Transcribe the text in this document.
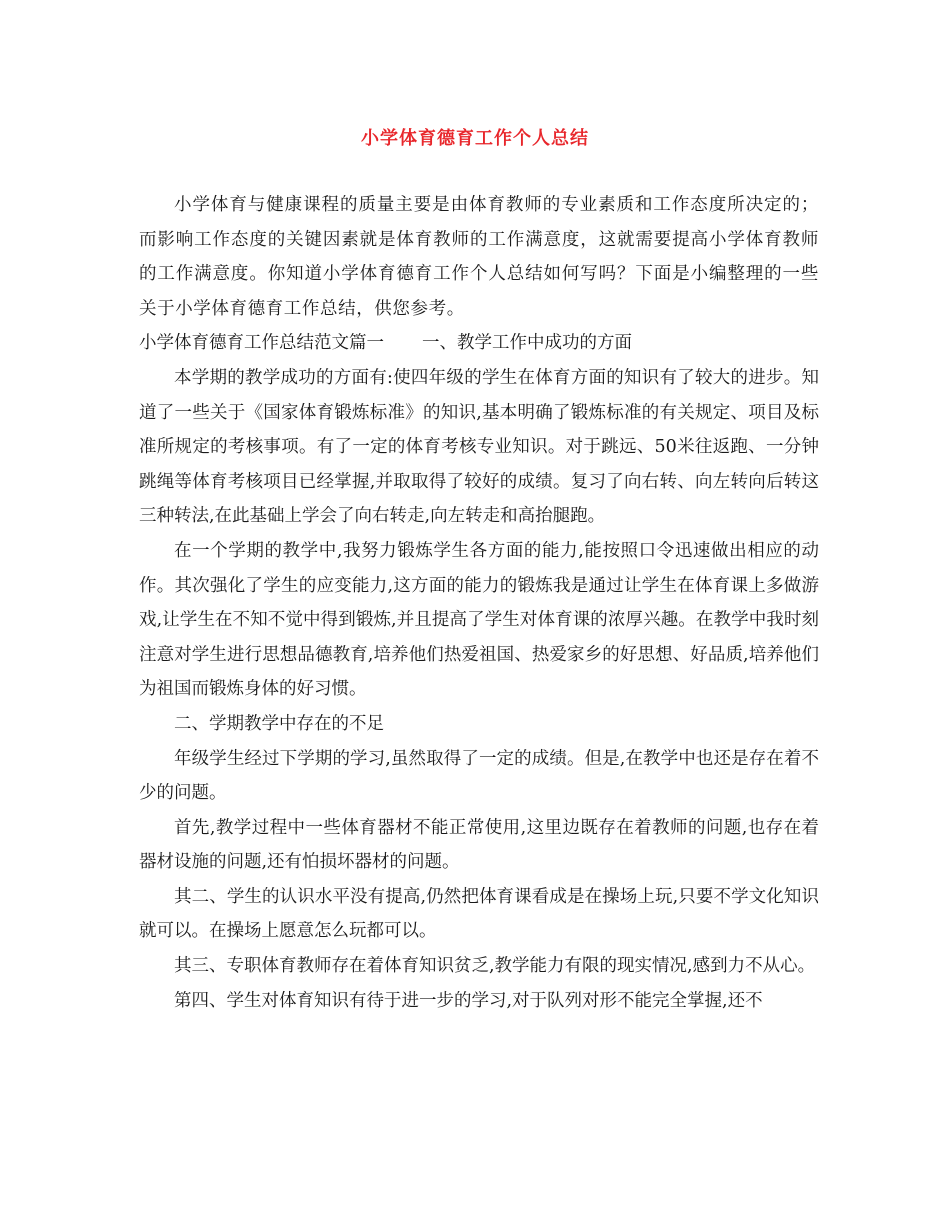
小学体育德育工作个人总结

小学体育与健康课程的质量主要是由体育教师的专业素质和工作态度所决定的；而影响工作态度的关键因素就是体育教师的工作满意度，这就需要提高小学体育教师的工作满意度。你知道小学体育德育工作个人总结如何写吗？下面是小编整理的一些关于小学体育德育工作总结，供您参考。

小学体育德育工作总结范文篇一 一、教学工作中成功的方面

本学期的教学成功的方面有:使四年级的学生在体育方面的知识有了较大的进步。知道了一些关于《国家体育锻炼标准》的知识,基本明确了锻炼标准的有关规定、项目及标准所规定的考核事项。有了一定的体育考核专业知识。对于跳远、50米往返跑、一分钟跳绳等体育考核项目已经掌握,并取取得了较好的成绩。复习了向右转、向左转向后转这三种转法,在此基础上学会了向右转走,向左转走和高抬腿跑。

在一个学期的教学中,我努力锻炼学生各方面的能力,能按照口令迅速做出相应的动作。其次强化了学生的应变能力,这方面的能力的锻炼我是通过让学生在体育课上多做游戏,让学生在不知不觉中得到锻炼,并且提高了学生对体育课的浓厚兴趣。在教学中我时刻注意对学生进行思想品德教育,培养他们热爱祖国、热爱家乡的好思想、好品质,培养他们为祖国而锻炼身体的好习惯。

二、学期教学中存在的不足

年级学生经过下学期的学习,虽然取得了一定的成绩。但是,在教学中也还是存在着不少的问题。

首先,教学过程中一些体育器材不能正常使用,这里边既存在着教师的问题,也存在着器材设施的问题,还有怕损坏器材的问题。

其二、学生的认识水平没有提高,仍然把体育课看成是在操场上玩,只要不学文化知识就可以。在操场上愿意怎么玩都可以。

其三、专职体育教师存在着体育知识贫乏,教学能力有限的现实情况,感到力不从心。

第四、学生对体育知识有待于进一步的学习,对于队列对形不能完全掌握,还不
